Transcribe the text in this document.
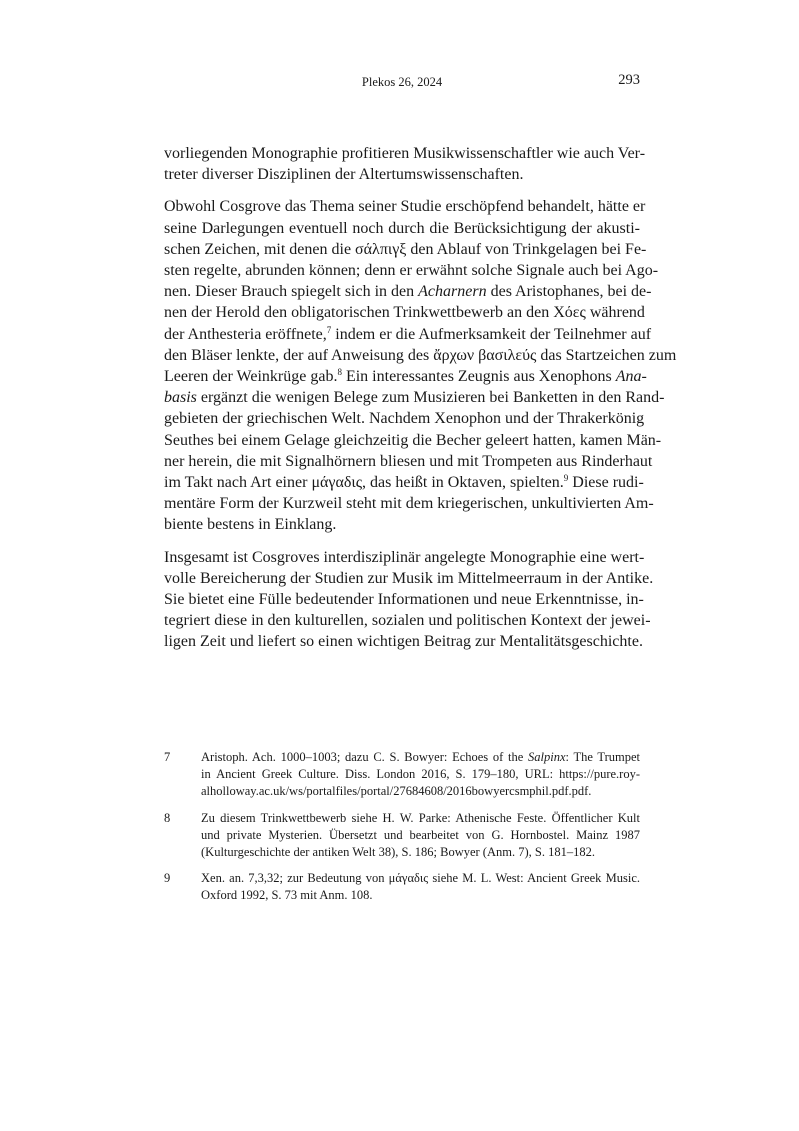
Plekos 26, 2024	293

vorliegenden Monographie profitieren Musikwissenschaftler wie auch Ver-
treter diverser Disziplinen der Altertumswissenschaften.

Obwohl Cosgrove das Thema seiner Studie erschöpfend behandelt, hätte er
seine Darlegungen eventuell noch durch die Berücksichtigung der akusti-
schen Zeichen, mit denen die σάλπιγξ den Ablauf von Trinkgelagen bei Fe-
sten regelte, abrunden können; denn er erwähnt solche Signale auch bei Ago-
nen. Dieser Brauch spiegelt sich in den Acharnern des Aristophanes, bei de-
nen der Herold den obligatorischen Trinkwettbewerb an den Χόες während
der Anthesteria eröffnete,$^7$ indem er die Aufmerksamkeit der Teilnehmer auf
den Bläser lenkte, der auf Anweisung des ἄρχων βασιλεύς das Startzeichen zum
Leeren der Weinkrüge gab.$^8$ Ein interessantes Zeugnis aus Xenophons Ana-
basis ergänzt die wenigen Belege zum Musizieren bei Banketten in den Rand-
gebieten der griechischen Welt. Nachdem Xenophon und der Thrakerkönig
Seuthes bei einem Gelage gleichzeitig die Becher geleert hatten, kamen Män-
ner herein, die mit Signalhörnern bliesen und mit Trompeten aus Rinderhaut
im Takt nach Art einer μάγαδις, das heißt in Oktaven, spielten.$^9$ Diese rudi-
mentäre Form der Kurzweil steht mit dem kriegerischen, unkultivierten Am-
biente bestens in Einklang.

Insgesamt ist Cosgroves interdisziplinär angelegte Monographie eine wert-
volle Bereicherung der Studien zur Musik im Mittelmeerraum in der Antike.
Sie bietet eine Fülle bedeutender Informationen und neue Erkenntnisse, in-
tegriert diese in den kulturellen, sozialen und politischen Kontext der jewei-
ligen Zeit und liefert so einen wichtigen Beitrag zur Mentalitätsgeschichte.

7 Aristoph. Ach. 1000–1003; dazu C. S. Bowyer: Echoes of the Salpinx: The Trumpet
in Ancient Greek Culture. Diss. London 2016, S. 179–180, URL: https://pure.roy-
alholloway.ac.uk/ws/portalfiles/portal/27684608/2016bowyercsmphil.pdf.pdf.
8 Zu diesem Trinkwettbewerb siehe H. W. Parke: Athenische Feste. Öffentlicher Kult
und private Mysterien. Übersetzt und bearbeitet von G. Hornbostel. Mainz 1987
(Kulturgeschichte der antiken Welt 38), S. 186; Bowyer (Anm. 7), S. 181–182.
9 Xen. an. 7,3,32; zur Bedeutung von μάγαδις siehe M. L. West: Ancient Greek Music.
Oxford 1992, S. 73 mit Anm. 108.
